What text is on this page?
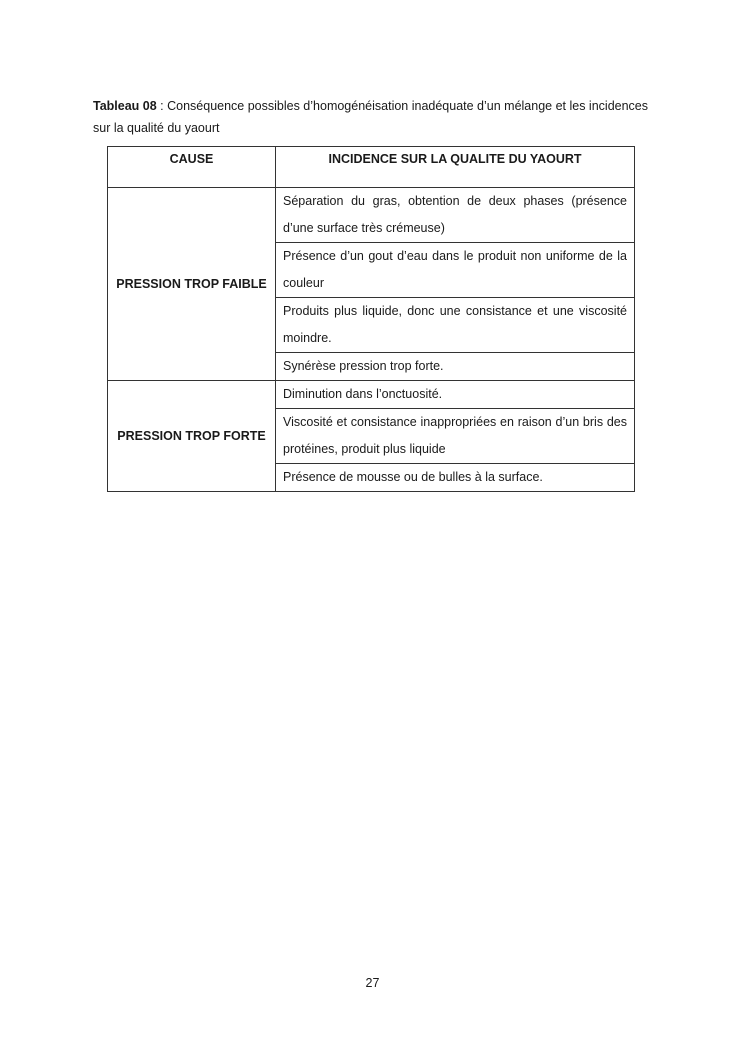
Tableau 08 : Conséquence possibles d’homogénéisation inadéquate d’un mélange et les incidences sur la qualité du yaourt
CAUSE	INCIDENCE SUR LA QUALITE DU YAOURT
PRESSION TROP FAIBLE	Séparation du gras, obtention de deux phases (présence d’une surface très crémeuse)
	Présence d’un gout d’eau dans le produit non uniforme de la couleur
	Produits plus liquide, donc une consistance et une viscosité moindre.
	Synérèse pression trop forte.
PRESSION TROP FORTE	Diminution dans l’onctuosité.
	Viscosité et consistance inappropriées en raison d’un bris des protéines, produit plus liquide
	Présence de mousse ou de bulles à la surface.
27
